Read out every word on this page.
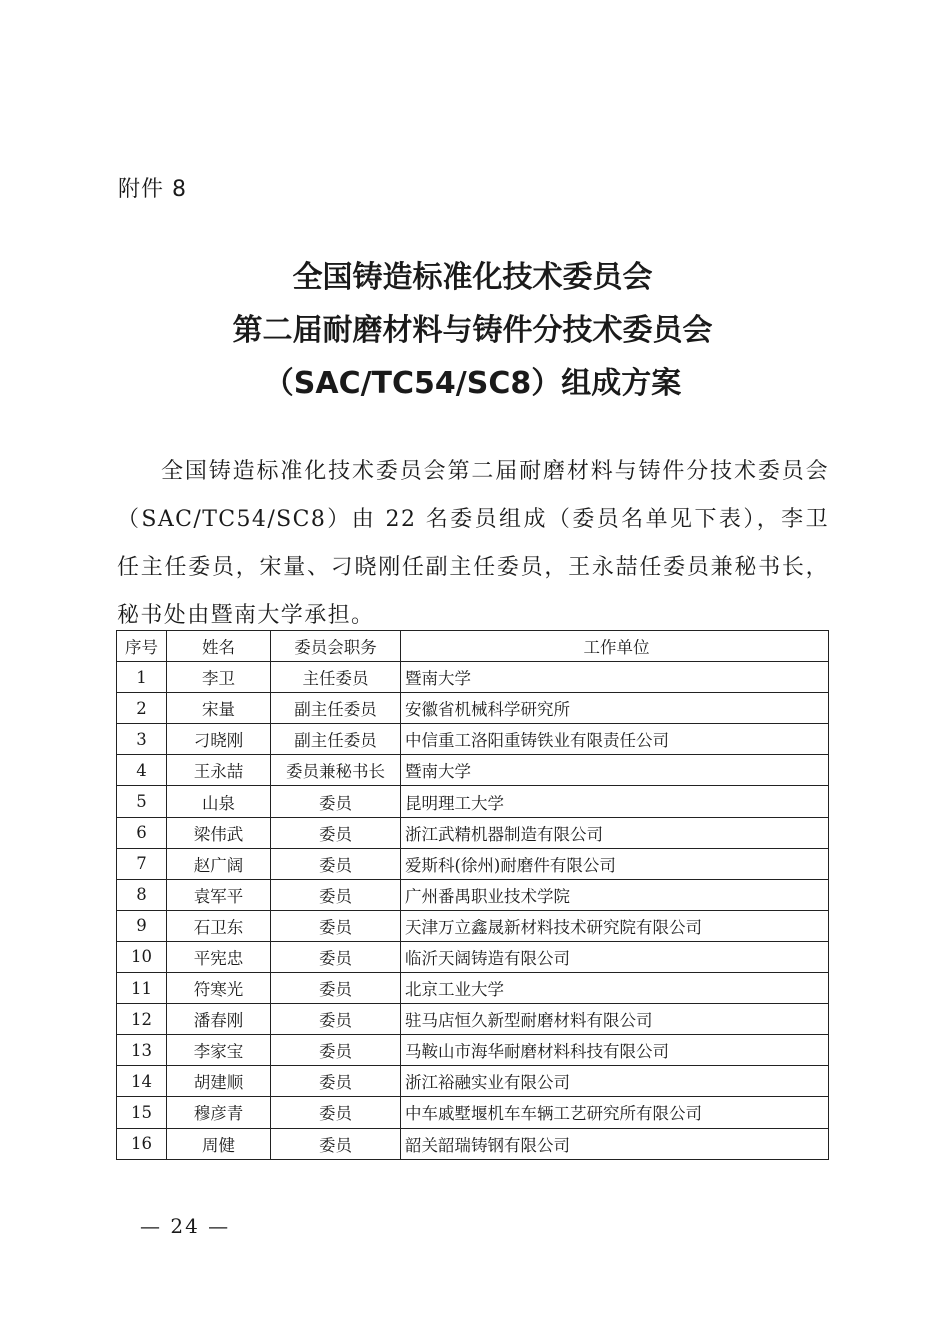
附件 8
全国铸造标准化技术委员会
第二届耐磨材料与铸件分技术委员会
（SAC/TC54/SC8）组成方案

全国铸造标准化技术委员会第二届耐磨材料与铸件分技术委员会（SAC/TC54/SC8）由 22 名委员组成（委员名单见下表），李卫任主任委员，宋量、刁晓刚任副主任委员，王永喆任委员兼秘书长，秘书处由暨南大学承担。

序号	姓名	委员会职务	工作单位
1	李卫	主任委员	暨南大学
2	宋量	副主任委员	安徽省机械科学研究所
3	刁晓刚	副主任委员	中信重工洛阳重铸铁业有限责任公司
4	王永喆	委员兼秘书长	暨南大学
5	山泉	委员	昆明理工大学
6	梁伟武	委员	浙江武精机器制造有限公司
7	赵广阔	委员	爱斯科(徐州)耐磨件有限公司
8	袁军平	委员	广州番禺职业技术学院
9	石卫东	委员	天津万立鑫晟新材料技术研究院有限公司
10	平宪忠	委员	临沂天阔铸造有限公司
11	符寒光	委员	北京工业大学
12	潘春刚	委员	驻马店恒久新型耐磨材料有限公司
13	李家宝	委员	马鞍山市海华耐磨材料科技有限公司
14	胡建顺	委员	浙江裕融实业有限公司
15	穆彦青	委员	中车戚墅堰机车车辆工艺研究所有限公司
16	周健	委员	韶关韶瑞铸钢有限公司
— 24 —
